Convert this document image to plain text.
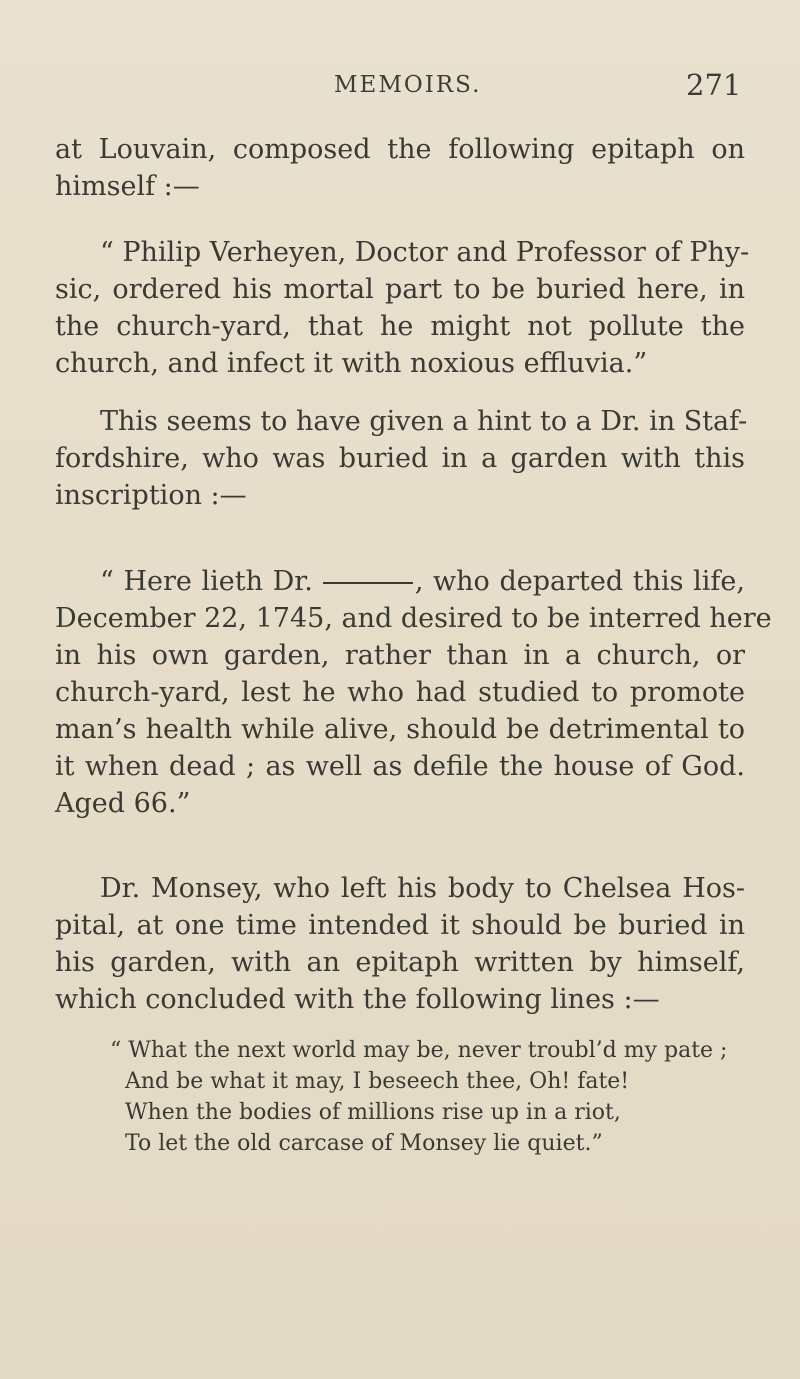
MEMOIRS.	271

at Louvain, composed the following epitaph on
himself :—

“ Philip Verheyen, Doctor and Professor of Phy-
sic, ordered his mortal part to be buried here, in
the church-yard, that he might not pollute the
church, and infect it with noxious effluvia.”

This seems to have given a hint to a Dr. in Staf-
fordshire, who was buried in a garden with this
inscription :—

“ Here lieth Dr.	, who departed this life,
December 22, 1745, and desired to be interred here
in his own garden, rather than in a church, or
church-yard, lest he who had studied to promote
man’s health while alive, should be detrimental to
it when dead ; as well as defile the house of God.
Aged 66.”

Dr. Monsey, who left his body to Chelsea Hos-
pital, at one time intended it should be buried in
his garden, with an epitaph written by himself,
which concluded with the following lines :—

“ What the next world may be, never troubl’d my pate ;
And be what it may, I beseech thee, Oh! fate!
When the bodies of millions rise up in a riot,
To let the old carcase of Monsey lie quiet.”
